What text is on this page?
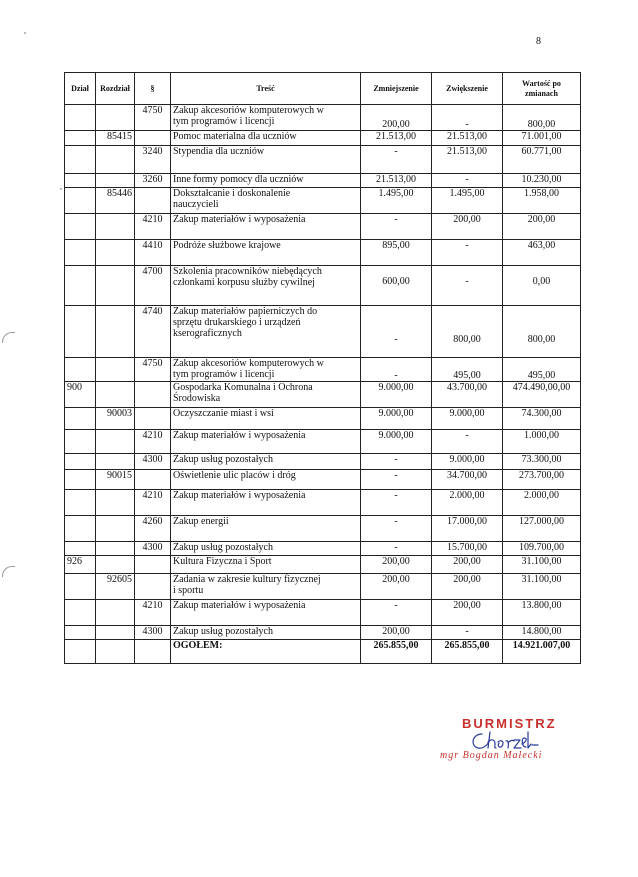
8
Dział	Rozdział	§	Treść	Zmniejszenie	Zwiększenie	Wartość po
zmianach
		4750	Zakup akcesoriów komputerowych w
tym programów i licencji	200,00	-	800,00
	85415		Pomoc materialna dla uczniów	21.513,00	21.513,00	71.001,00
		3240	Stypendia dla uczniów	-	21.513,00	60.771,00
		3260	Inne formy pomocy dla uczniów	21.513,00	-	10.230,00
	85446		Dokształcanie i doskonalenie
nauczycieli	1.495,00	1.495,00	1.958,00
		4210	Zakup materiałów i wyposażenia	-	200,00	200,00
		4410	Podróże służbowe krajowe	895,00	-	463,00
		4700	Szkolenia pracowników niebędących
członkami korpusu służby cywilnej	600,00	-	0,00
		4740	Zakup materiałów papierniczych do
sprzętu drukarskiego i urządzeń
kserograficznych	-	800,00	800,00
		4750	Zakup akcesoriów komputerowych w
tym programów i licencji	-	495,00	495,00
900			Gospodarka Komunalna i Ochrona
Środowiska	9.000,00	43.700,00	474.490,00,00
	90003		Oczyszczanie miast i wsi	9.000,00	9.000,00	74.300,00
		4210	Zakup materiałów i wyposażenia	9.000,00	-	1.000,00
		4300	Zakup usług pozostałych	-	9.000,00	73.300,00
	90015		Oświetlenie ulic placów i dróg	-	34.700,00	273.700,00
		4210	Zakup materiałów i wyposażenia	-	2.000,00	2.000,00
		4260	Zakup energii	-	17.000,00	127.000,00
		4300	Zakup usług pozostałych	-	15.700,00	109.700,00
926			Kultura Fizyczna i Sport	200,00	200,00	31.100,00
	92605		Zadania w zakresie kultury fizycznej
i sportu	200,00	200,00	31.100,00
		4210	Zakup materiałów i wyposażenia	-	200,00	13.800,00
		4300	Zakup usług pozostałych	200,00	-	14.800,00
			OGÓŁEM:	265.855,00	265.855,00	14.921.007,00
BURMISTRZ
mgr Bogdan Małecki
